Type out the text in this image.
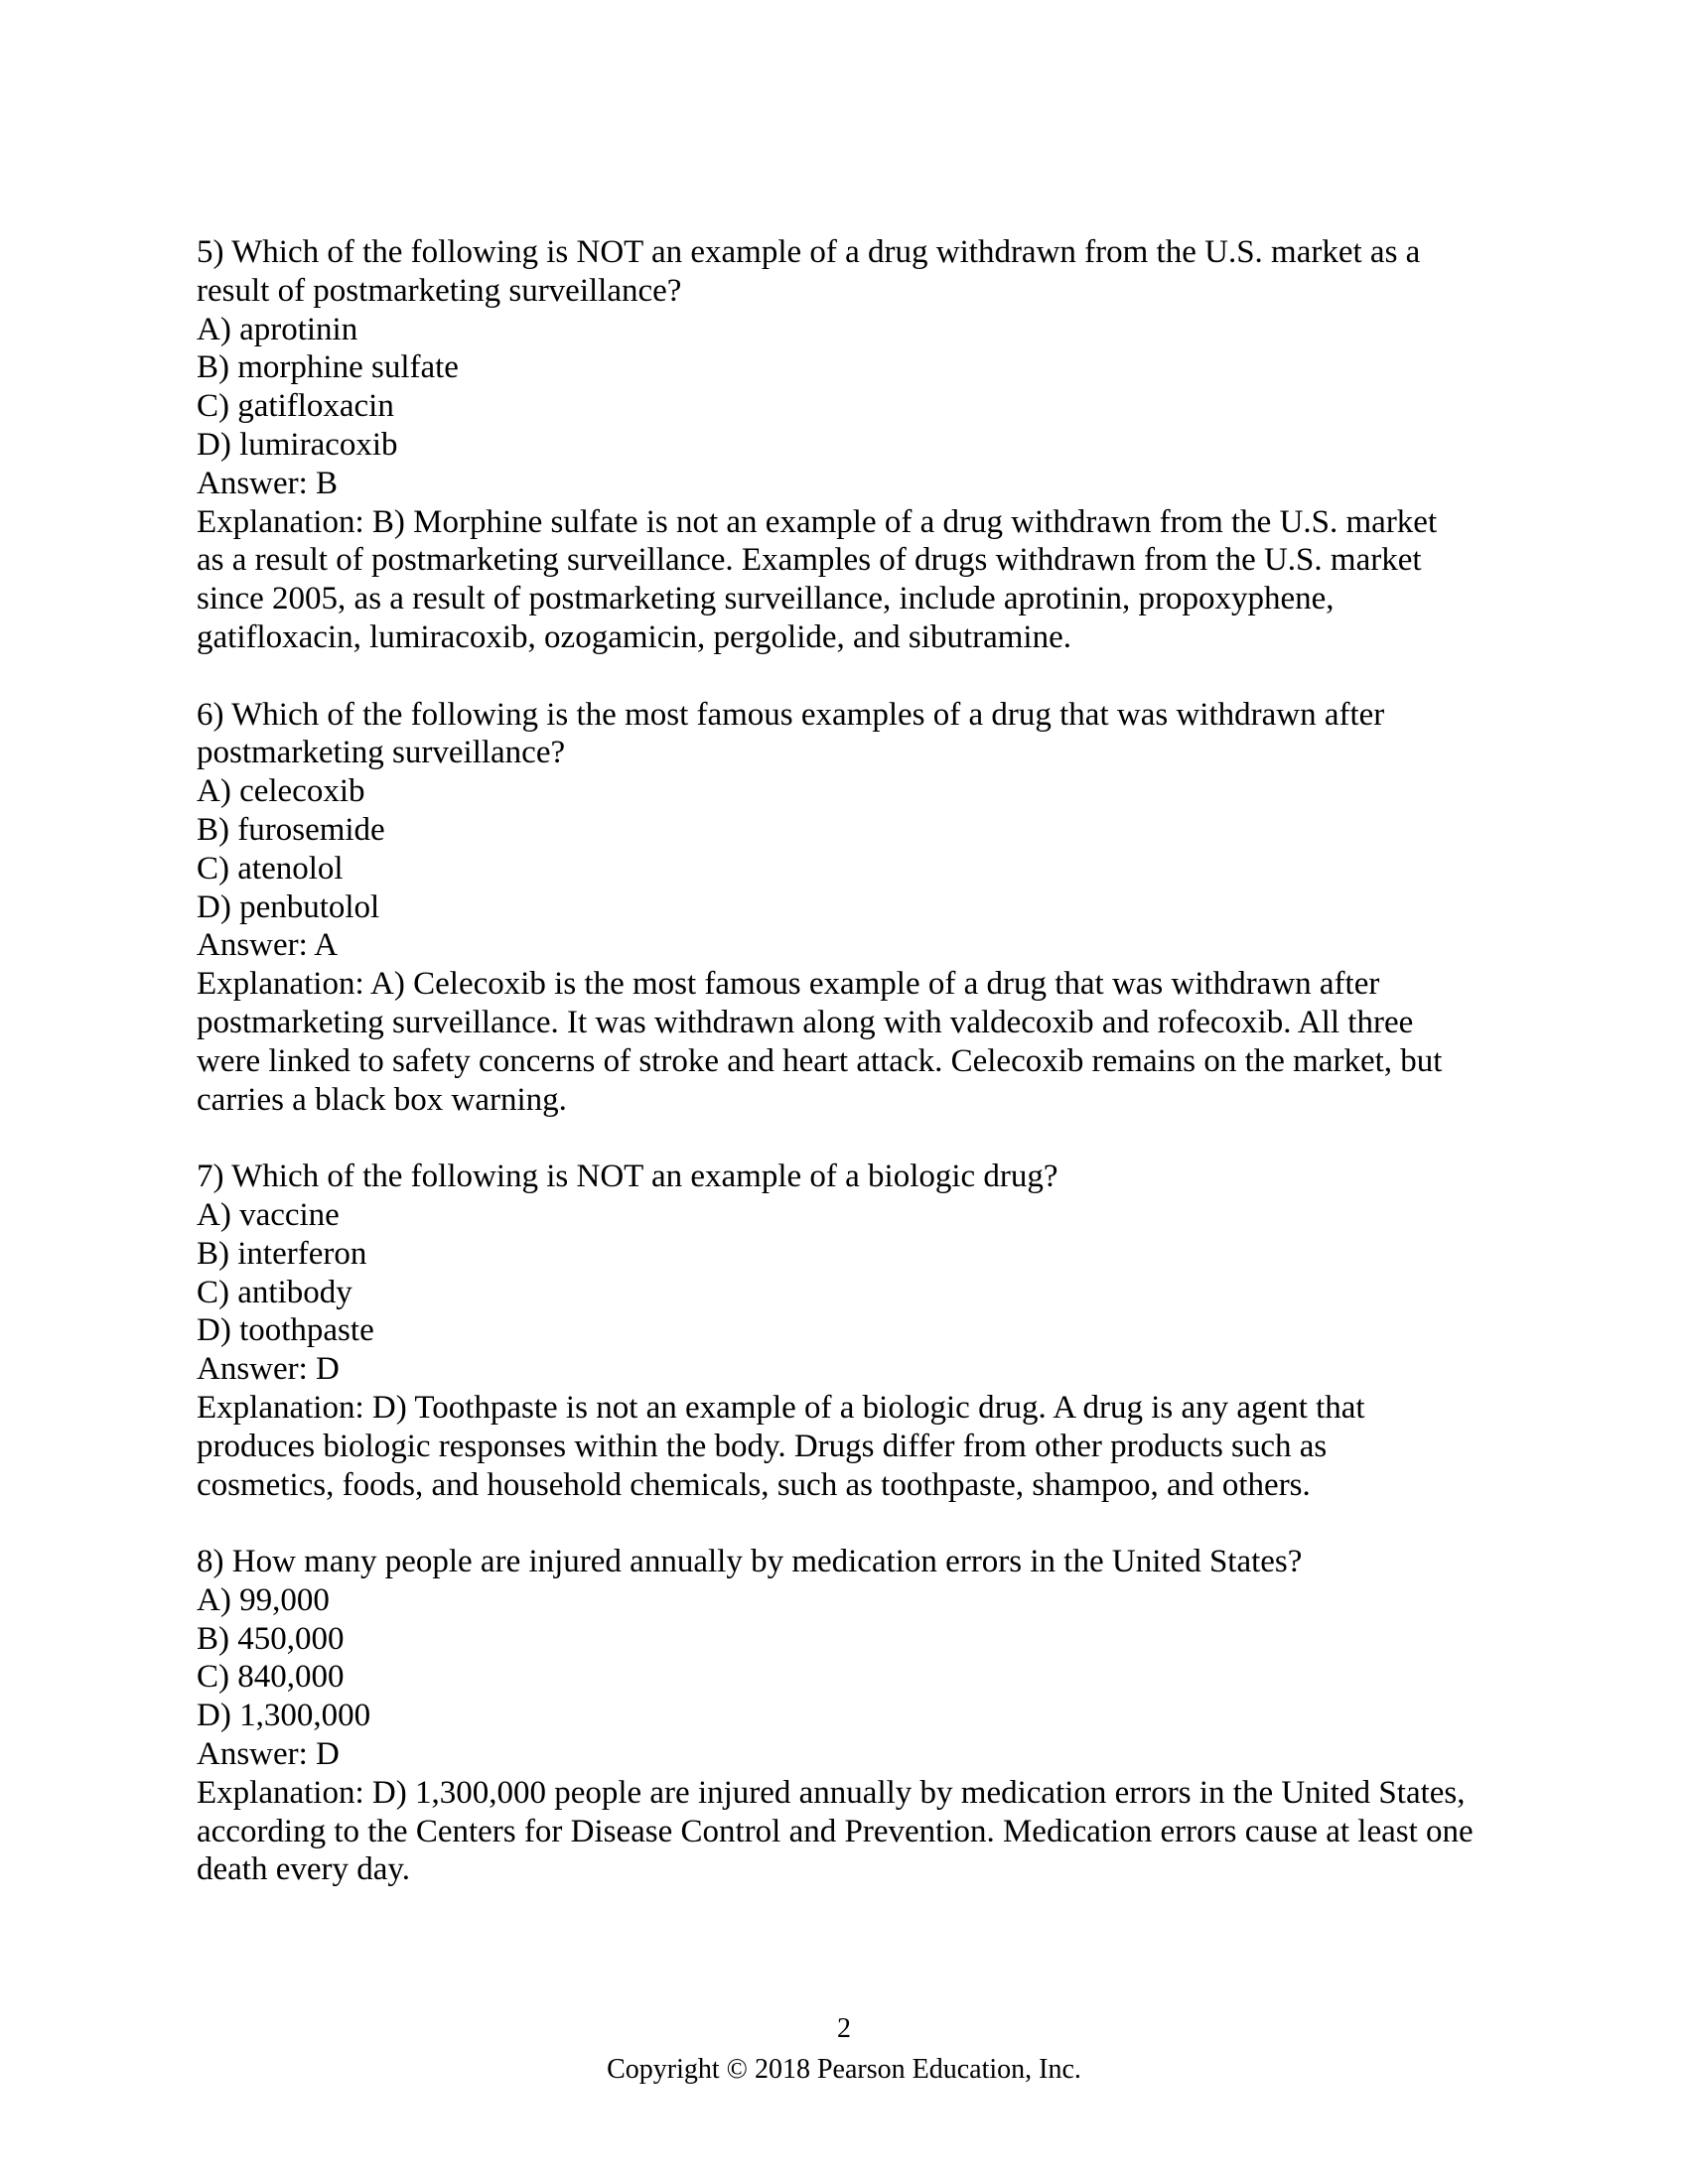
5) Which of the following is NOT an example of a drug withdrawn from the U.S. market as a
result of postmarketing surveillance?
A) aprotinin
B) morphine sulfate
C) gatifloxacin
D) lumiracoxib
Answer: B
Explanation: B) Morphine sulfate is not an example of a drug withdrawn from the U.S. market
as a result of postmarketing surveillance. Examples of drugs withdrawn from the U.S. market
since 2005, as a result of postmarketing surveillance, include aprotinin, propoxyphene,
gatifloxacin, lumiracoxib, ozogamicin, pergolide, and sibutramine.
6) Which of the following is the most famous examples of a drug that was withdrawn after
postmarketing surveillance?
A) celecoxib
B) furosemide
C) atenolol
D) penbutolol
Answer: A
Explanation: A) Celecoxib is the most famous example of a drug that was withdrawn after
postmarketing surveillance. It was withdrawn along with valdecoxib and rofecoxib. All three
were linked to safety concerns of stroke and heart attack. Celecoxib remains on the market, but
carries a black box warning.
7) Which of the following is NOT an example of a biologic drug?
A) vaccine
B) interferon
C) antibody
D) toothpaste
Answer: D
Explanation: D) Toothpaste is not an example of a biologic drug. A drug is any agent that
produces biologic responses within the body. Drugs differ from other products such as
cosmetics, foods, and household chemicals, such as toothpaste, shampoo, and others.
8) How many people are injured annually by medication errors in the United States?
A) 99,000
B) 450,000
C) 840,000
D) 1,300,000
Answer: D
Explanation: D) 1,300,000 people are injured annually by medication errors in the United States,
according to the Centers for Disease Control and Prevention. Medication errors cause at least one
death every day.
2
Copyright © 2018 Pearson Education, Inc.
